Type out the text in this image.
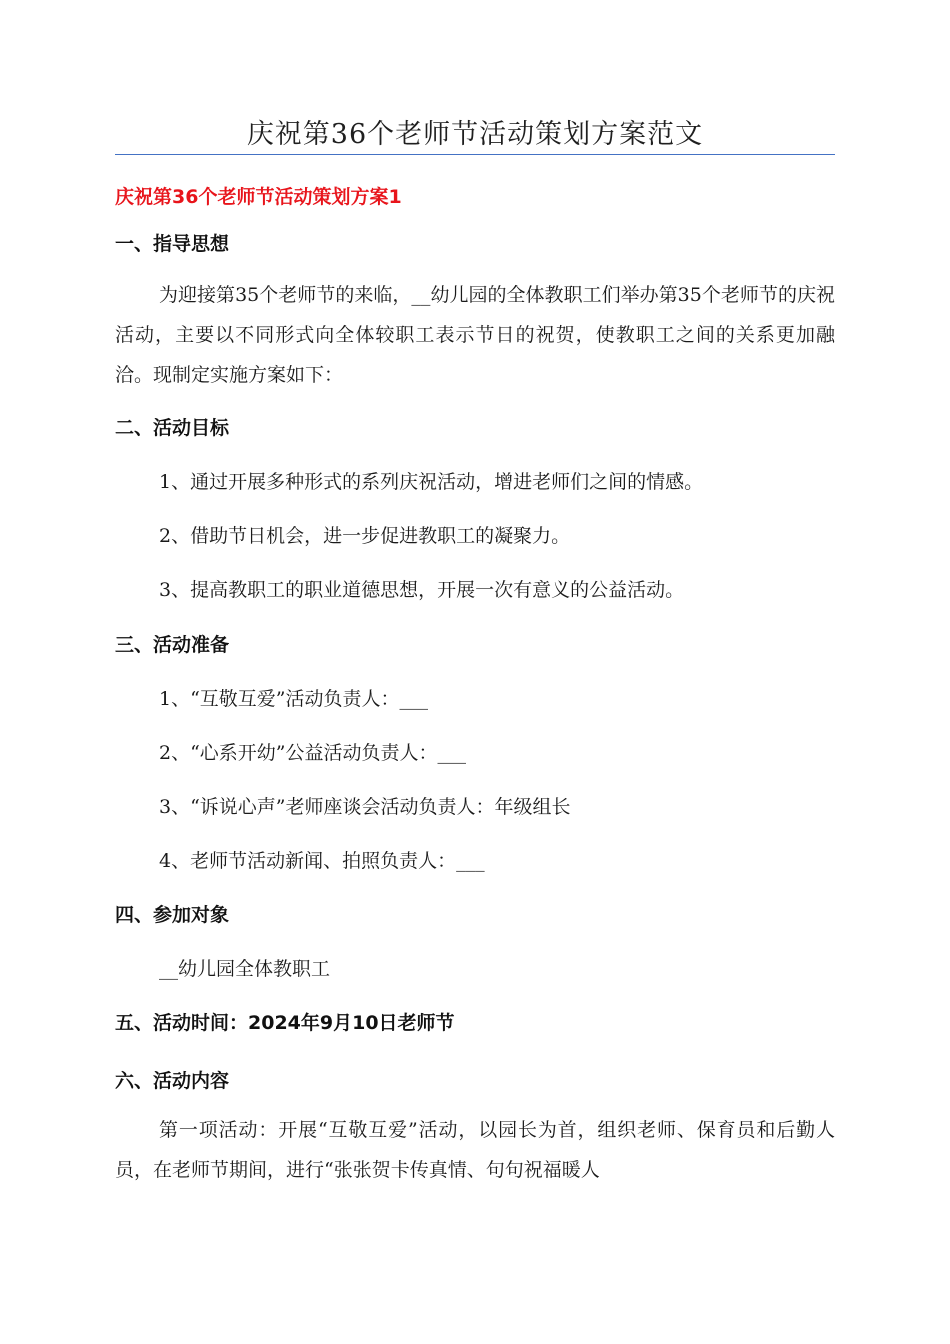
庆祝第36个老师节活动策划方案范文
庆祝第36个老师节活动策划方案1
一、指导思想
为迎接第35个老师节的来临，__幼儿园的全体教职工们举办第35个老师节的庆祝活动，主要以不同形式向全体较职工表示节日的祝贺，使教职工之间的关系更加融洽。现制定实施方案如下：
二、活动目标
1、通过开展多种形式的系列庆祝活动，增进老师们之间的情感。
2、借助节日机会，进一步促进教职工的凝聚力。
3、提高教职工的职业道德思想，开展一次有意义的公益活动。
三、活动准备
1、“互敬互爱”活动负责人：___
2、“心系开幼”公益活动负责人：___
3、“诉说心声”老师座谈会活动负责人：年级组长
4、老师节活动新闻、拍照负责人：___
四、参加对象
__幼儿园全体教职工
五、活动时间：2024年9月10日老师节
六、活动内容
第一项活动：开展“互敬互爱”活动，以园长为首，组织老师、保育员和后勤人员，在老师节期间，进行“张张贺卡传真情、句句祝福暖人
